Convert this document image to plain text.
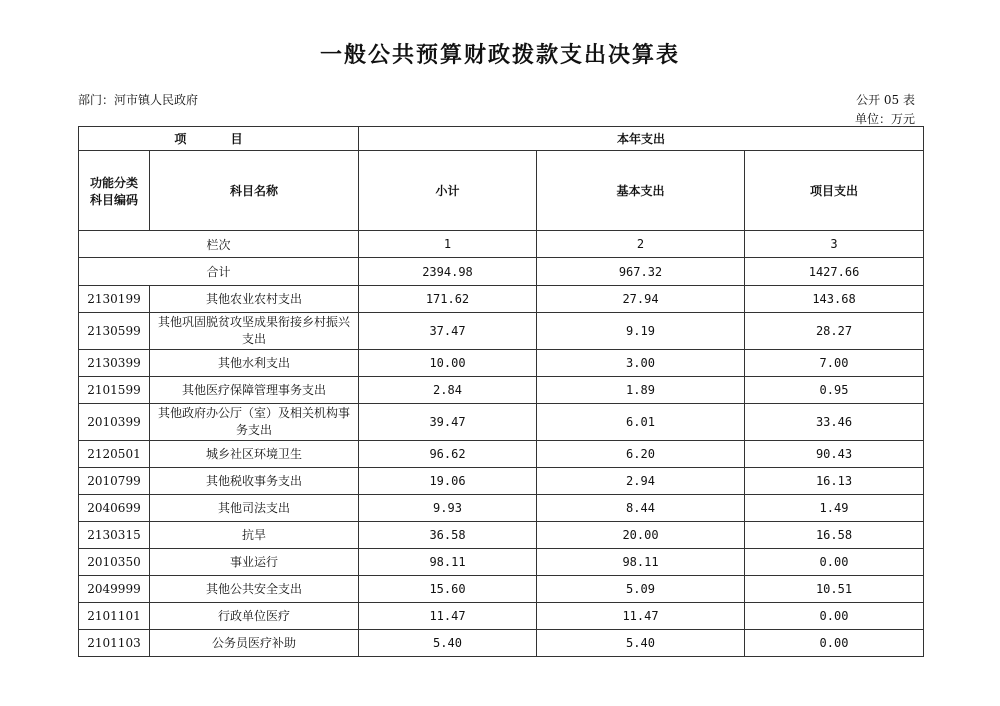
一般公共预算财政拨款支出决算表
部门：河市镇人民政府	公开 05 表
单位：万元
项 目		本年支出		
功能分类
科目编码	科目名称	小计	基本支出	项目支出
栏次		1	2	3
合计		2394.98	967.32	1427.66
2130199	其他农业农村支出	171.62	27.94	143.68
2130599	其他巩固脱贫攻坚成果衔接乡村振兴支出	37.47	9.19	28.27
2130399	其他水利支出	10.00	3.00	7.00
2101599	其他医疗保障管理事务支出	2.84	1.89	0.95
2010399	其他政府办公厅（室）及相关机构事务支出	39.47	6.01	33.46
2120501	城乡社区环境卫生	96.62	6.20	90.43
2010799	其他税收事务支出	19.06	2.94	16.13
2040699	其他司法支出	9.93	8.44	1.49
2130315	抗旱	36.58	20.00	16.58
2010350	事业运行	98.11	98.11	0.00
2049999	其他公共安全支出	15.60	5.09	10.51
2101101	行政单位医疗	11.47	11.47	0.00
2101103	公务员医疗补助	5.40	5.40	0.00
